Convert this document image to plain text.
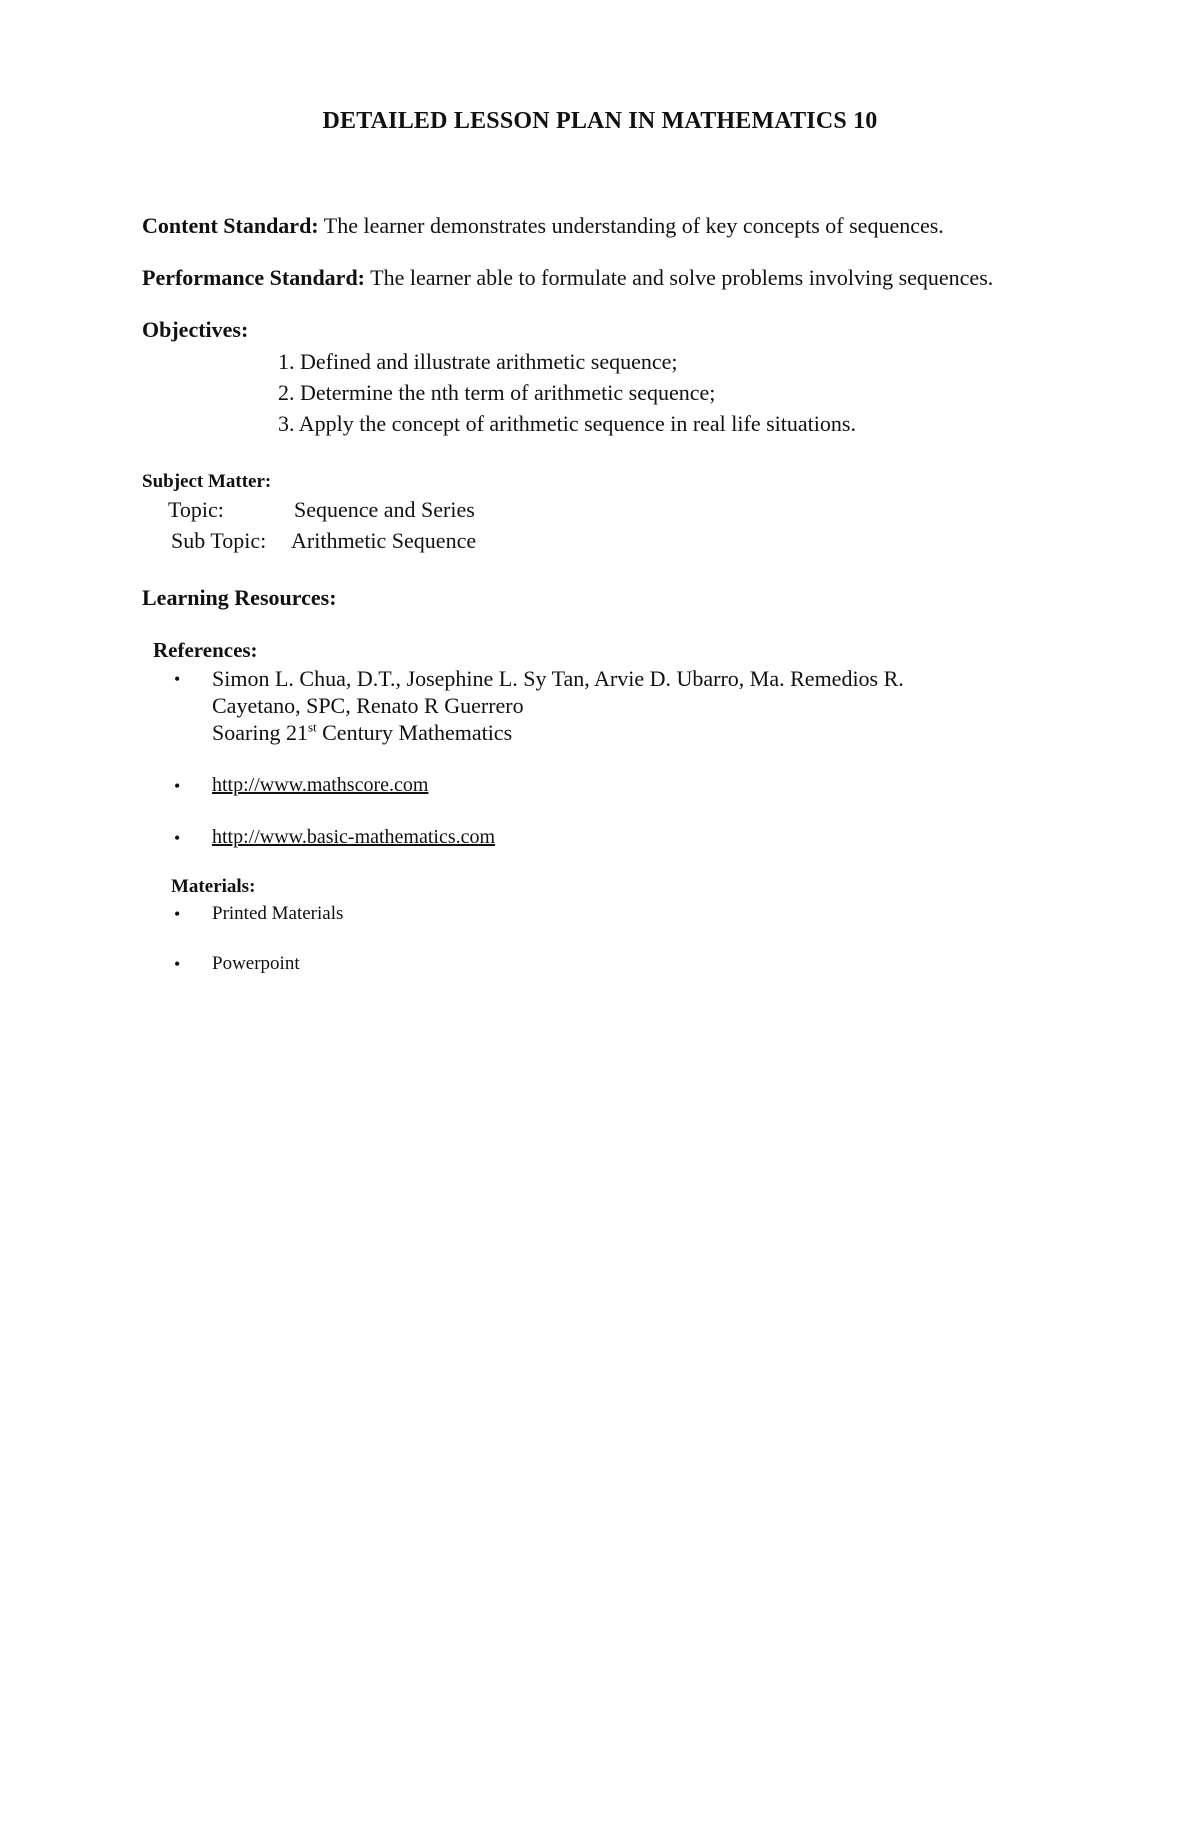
DETAILED LESSON PLAN IN MATHEMATICS 10
Content Standard: The learner demonstrates understanding of key concepts of sequences.
Performance Standard: The learner able to formulate and solve problems involving sequences.
Objectives:
1. Defined and illustrate arithmetic sequence;
2. Determine the nth term of arithmetic sequence;
3. Apply the concept of arithmetic sequence in real life situations.
Subject Matter:
Topic:	Sequence and Series
Sub Topic: Arithmetic Sequence
Learning Resources:
References:
• Simon L. Chua, D.T., Josephine L. Sy Tan, Arvie D. Ubarro, Ma. Remedios R.
Cayetano, SPC, Renato R Guerrero
Soaring 21st Century Mathematics
• http://www.mathscore.com
• http://www.basic-mathematics.com
Materials:
• Printed Materials
• Powerpoint
